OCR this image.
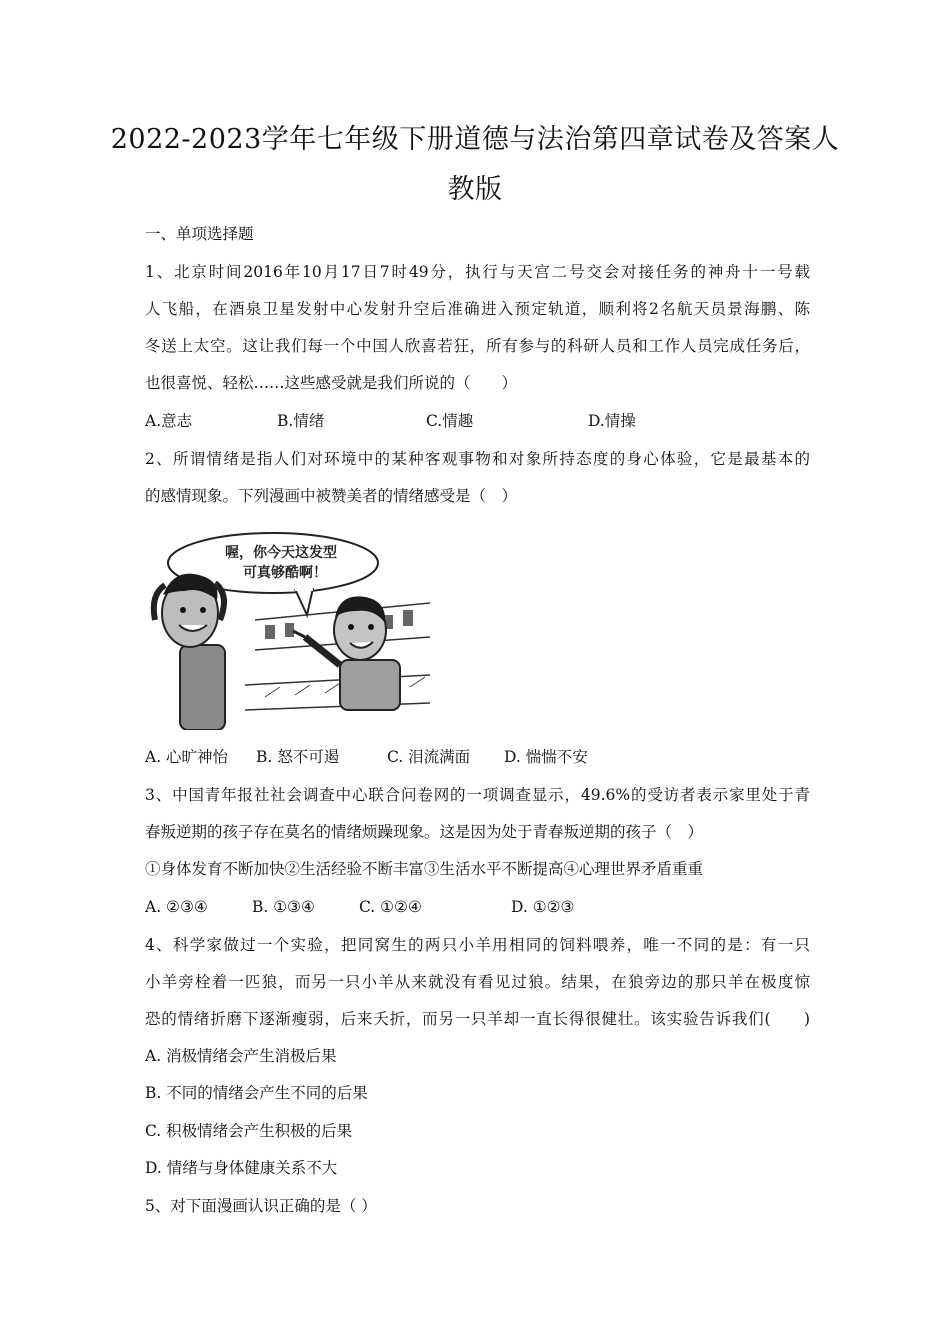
2022-2023学年七年级下册道德与法治第四章试卷及答案人
教版
一、单项选择题
1、北京时间2016年10月17日7时49分，执行与天宫二号交会对接任务的神舟十一号载
人飞船，在酒泉卫星发射中心发射升空后准确进入预定轨道，顺利将2名航天员景海鹏、陈
冬送上太空。这让我们每一个中国人欣喜若狂，所有参与的科研人员和工作人员完成任务后，
也很喜悦、轻松……这些感受就是我们所说的（　　）
A.意志	B.情绪	C.情趣	D.情操
2、所谓情绪是指人们对环境中的某种客观事物和对象所持态度的身心体验，它是最基本的
的感情现象。下列漫画中被赞美者的情绪感受是（　）
喔，你今天这发型
可真够酷啊！
A. 心旷神怡 B. 怒不可遏	C. 泪流满面 D. 惴惴不安
3、中国青年报社社会调查中心联合问卷网的一项调查显示，49.6%的受访者表示家里处于青
春叛逆期的孩子存在莫名的情绪烦躁现象。这是因为处于青春叛逆期的孩子（　）
①身体发育不断加快②生活经验不断丰富③生活水平不断提高④心理世界矛盾重重
A. ②③④	B. ①③④	C. ①②④	D. ①②③
4、科学家做过一个实验，把同窝生的两只小羊用相同的饲料喂养，唯一不同的是：有一只
小羊旁栓着一匹狼，而另一只小羊从来就没有看见过狼。结果，在狼旁边的那只羊在极度惊
恐的情绪折磨下逐渐瘦弱，后来夭折，而另一只羊却一直长得很健壮。该实验告诉我们(　　)
A. 消极情绪会产生消极后果
B. 不同的情绪会产生不同的后果
C. 积极情绪会产生积极的后果
D. 情绪与身体健康关系不大
5、对下面漫画认识正确的是（ ）
